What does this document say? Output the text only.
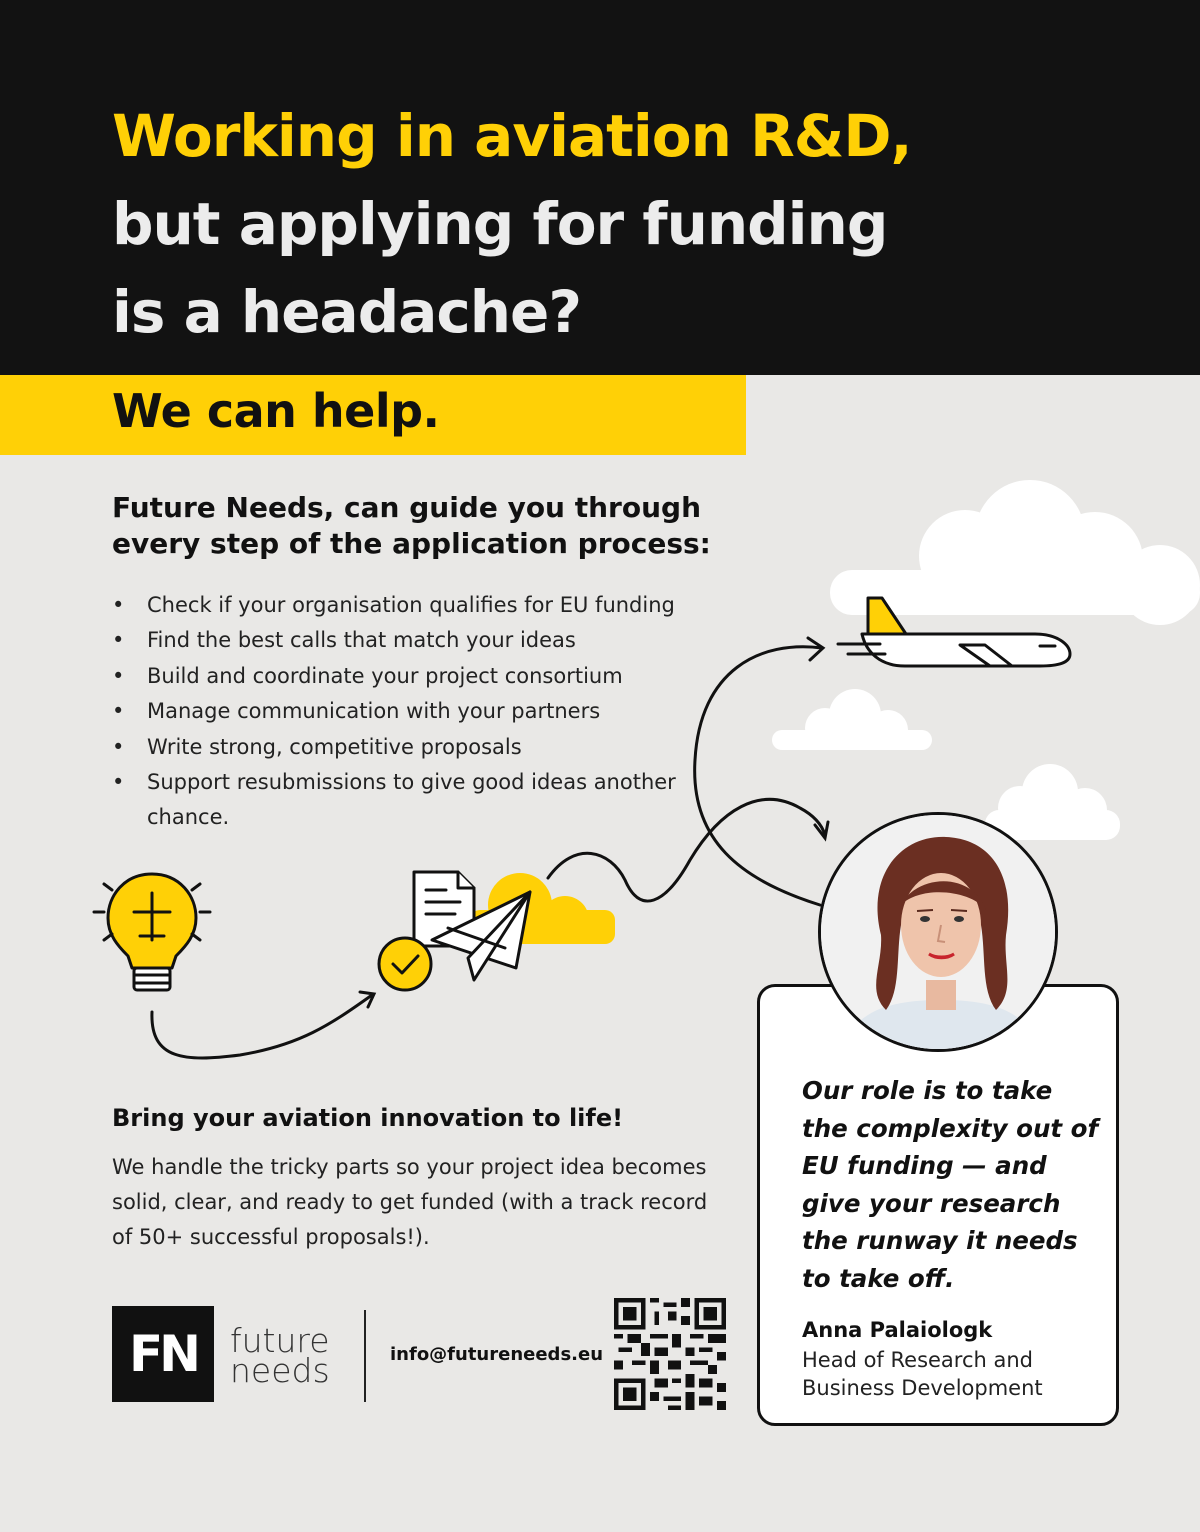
Working in aviation R&D,
but applying for funding
is a headache?
We can help.
Future Needs, can guide you through every step of the application process:
• Check if your organisation qualifies for EU funding
• Find the best calls that match your ideas
• Build and coordinate your project consortium
• Manage communication with your partners
• Write strong, competitive proposals
• Support resubmissions to give good ideas another chance.
Bring your aviation innovation to life!

We handle the tricky parts so your project idea becomes solid, clear, and ready to get funded (with a track record of 50+ successful proposals!).

FN	future
needs	info@futureneeds.eu

Our role is to take the complexity out of EU funding — and give your research the runway it needs to take off.

Anna Palaiologk

Head of Research and Business Development
